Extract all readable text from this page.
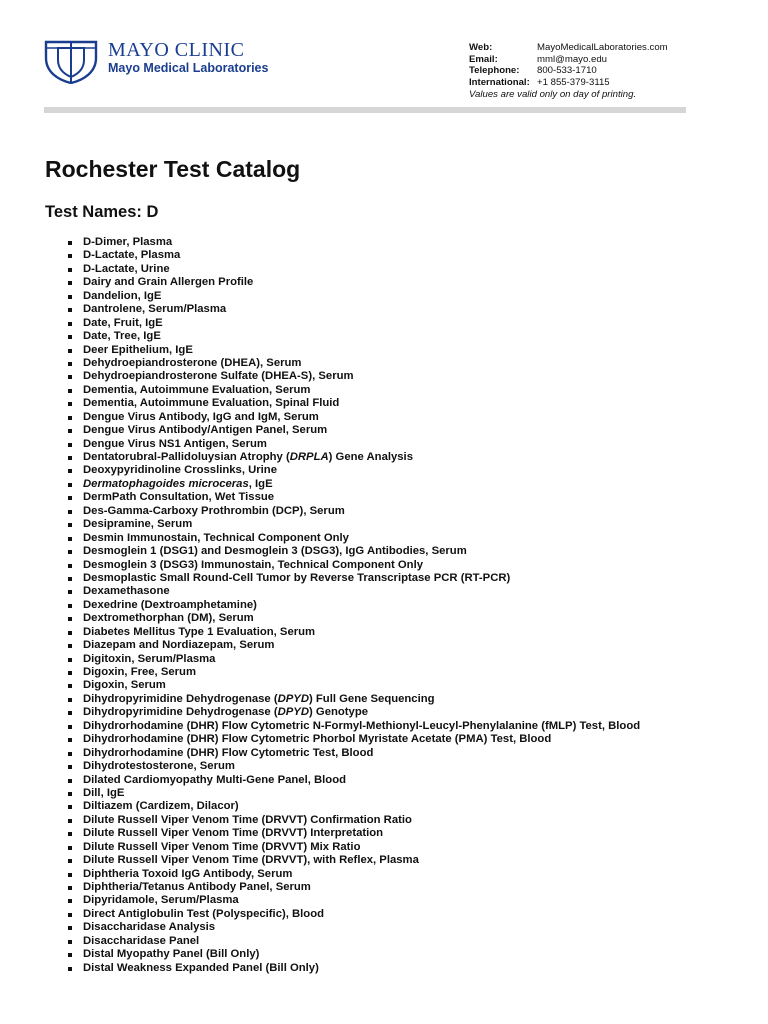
MAYO CLINIC
Mayo Medical Laboratories
Web:	MayoMedicalLaboratories.com
Email:	mml@mayo.edu
Telephone:	800-533-1710
International: +1 855-379-3115
Values are valid only on day of printing.
Rochester Test Catalog
Test Names: D
D-Dimer, Plasma
D-Lactate, Plasma
D-Lactate, Urine
Dairy and Grain Allergen Profile
Dandelion, IgE
Dantrolene, Serum/Plasma
Date, Fruit, IgE
Date, Tree, IgE
Deer Epithelium, IgE
Dehydroepiandrosterone (DHEA), Serum
Dehydroepiandrosterone Sulfate (DHEA-S), Serum
Dementia, Autoimmune Evaluation, Serum
Dementia, Autoimmune Evaluation, Spinal Fluid
Dengue Virus Antibody, IgG and IgM, Serum
Dengue Virus Antibody/Antigen Panel, Serum
Dengue Virus NS1 Antigen, Serum
Dentatorubral-Pallidoluysian Atrophy (DRPLA) Gene Analysis
Deoxypyridinoline Crosslinks, Urine
Dermatophagoides microceras, IgE
DermPath Consultation, Wet Tissue
Des-Gamma-Carboxy Prothrombin (DCP), Serum
Desipramine, Serum
Desmin Immunostain, Technical Component Only
Desmoglein 1 (DSG1) and Desmoglein 3 (DSG3), IgG Antibodies, Serum
Desmoglein 3 (DSG3) Immunostain, Technical Component Only
Desmoplastic Small Round-Cell Tumor by Reverse Transcriptase PCR (RT-PCR)
Dexamethasone
Dexedrine (Dextroamphetamine)
Dextromethorphan (DM), Serum
Diabetes Mellitus Type 1 Evaluation, Serum
Diazepam and Nordiazepam, Serum
Digitoxin, Serum/Plasma
Digoxin, Free, Serum
Digoxin, Serum
Dihydropyrimidine Dehydrogenase (DPYD) Full Gene Sequencing
Dihydropyrimidine Dehydrogenase (DPYD) Genotype
Dihydrorhodamine (DHR) Flow Cytometric N-Formyl-Methionyl-Leucyl-Phenylalanine (fMLP) Test, Blood
Dihydrorhodamine (DHR) Flow Cytometric Phorbol Myristate Acetate (PMA) Test, Blood
Dihydrorhodamine (DHR) Flow Cytometric Test, Blood
Dihydrotestosterone, Serum
Dilated Cardiomyopathy Multi-Gene Panel, Blood
Dill, IgE
Diltiazem (Cardizem, Dilacor)
Dilute Russell Viper Venom Time (DRVVT) Confirmation Ratio
Dilute Russell Viper Venom Time (DRVVT) Interpretation
Dilute Russell Viper Venom Time (DRVVT) Mix Ratio
Dilute Russell Viper Venom Time (DRVVT), with Reflex, Plasma
Diphtheria Toxoid IgG Antibody, Serum
Diphtheria/Tetanus Antibody Panel, Serum
Dipyridamole, Serum/Plasma
Direct Antiglobulin Test (Polyspecific), Blood
Disaccharidase Analysis
Disaccharidase Panel
Distal Myopathy Panel (Bill Only)
Distal Weakness Expanded Panel (Bill Only)
